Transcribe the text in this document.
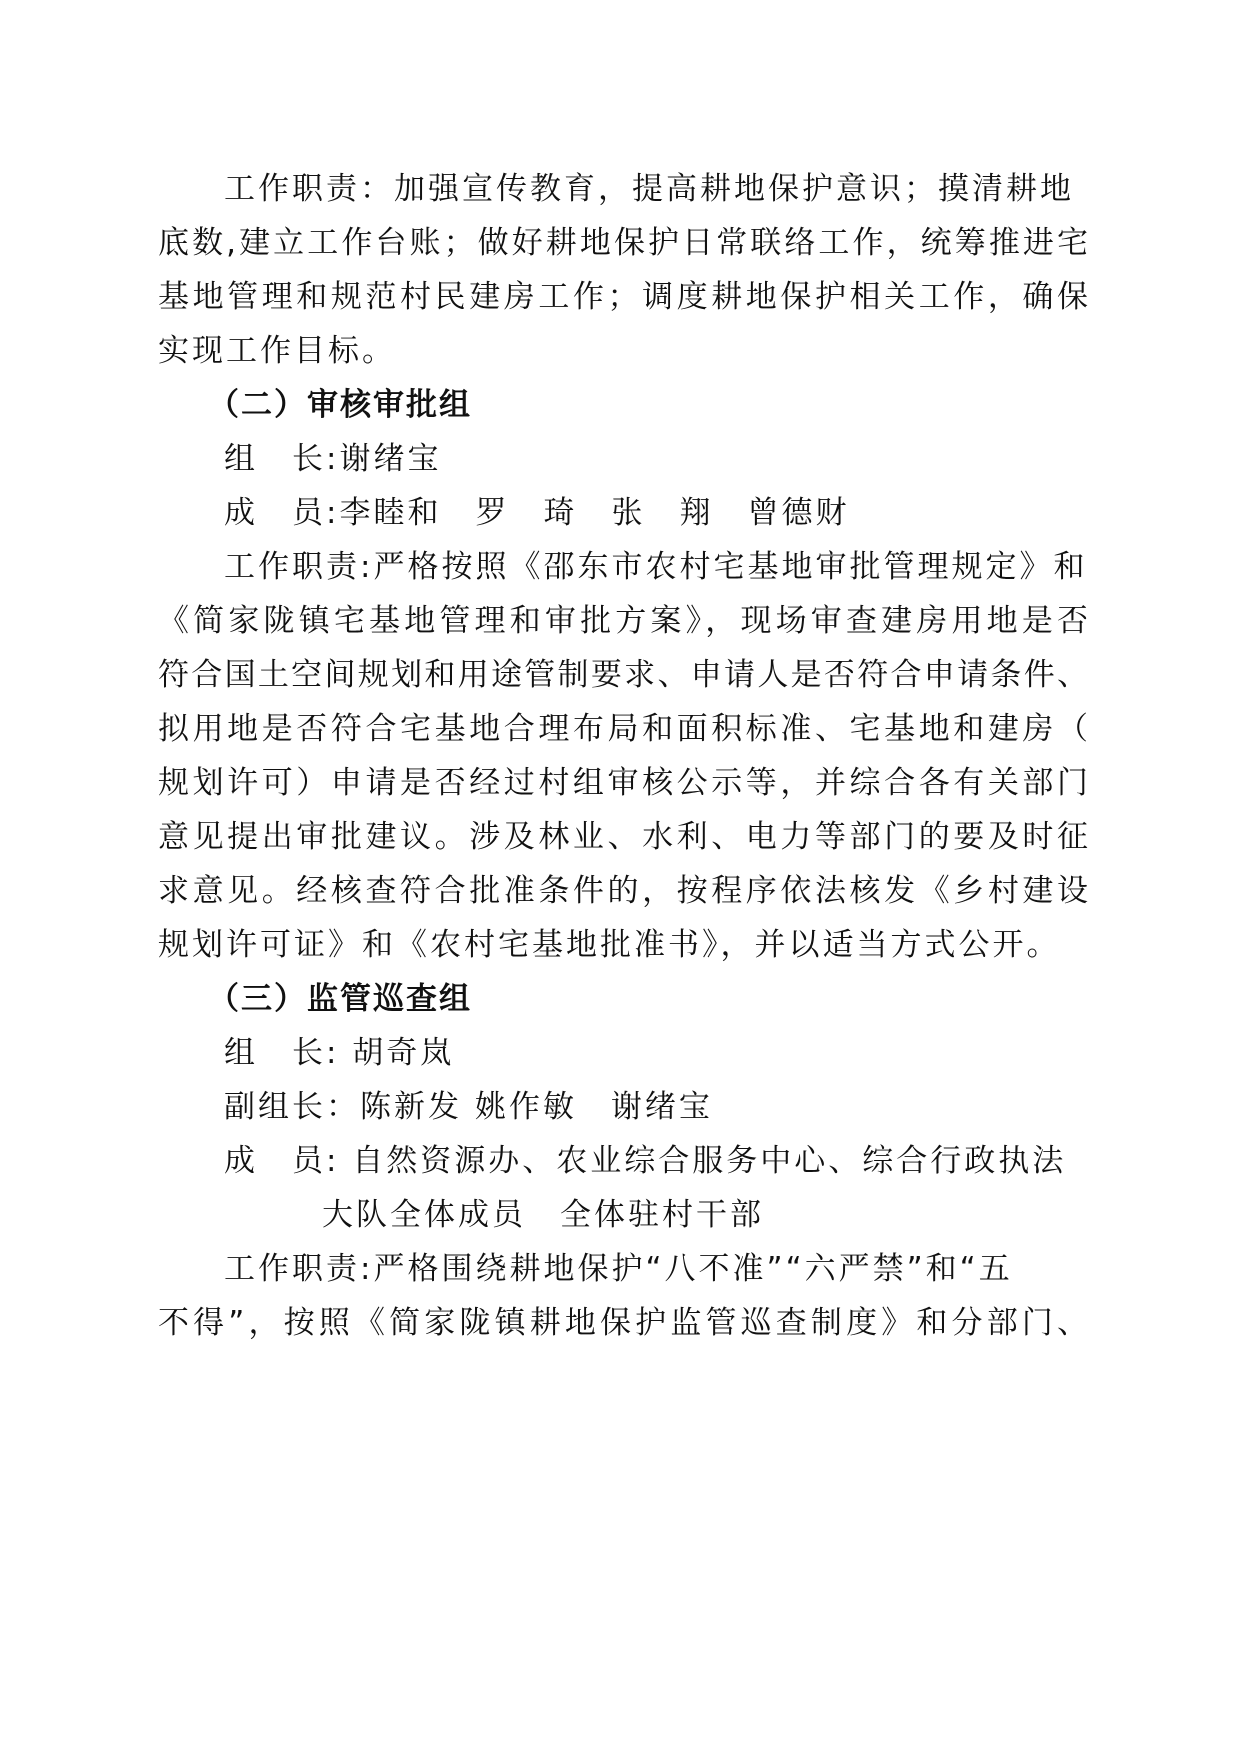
工作职责：加强宣传教育，提高耕地保护意识；摸清耕地
底数,建立工作台账；做好耕地保护日常联络工作，统筹推进宅
基地管理和规范村民建房工作；调度耕地保护相关工作，确保
实现工作目标。
（二）审核审批组
组　长:谢绪宝
成　员:李睦和　罗　琦　张　翔　曾德财
工作职责:严格按照《邵东市农村宅基地审批管理规定》和
《简家陇镇宅基地管理和审批方案》，现场审查建房用地是否
符合国土空间规划和用途管制要求、申请人是否符合申请条件、
拟用地是否符合宅基地合理布局和面积标准、宅基地和建房（
规划许可）申请是否经过村组审核公示等，并综合各有关部门
意见提出审批建议。涉及林业、水利、电力等部门的要及时征
求意见。经核查符合批准条件的，按程序依法核发《乡村建设
规划许可证》和《农村宅基地批准书》，并以适当方式公开。
（三）监管巡查组
组　长: 胡奇岚
副组长：陈新发 姚作敏　谢绪宝
成　员: 自然资源办、农业综合服务中心、综合行政执法
大队全体成员　全体驻村干部
工作职责:严格围绕耕地保护“八不准”“六严禁”和“五
不得”，按照《简家陇镇耕地保护监管巡查制度》和分部门、
